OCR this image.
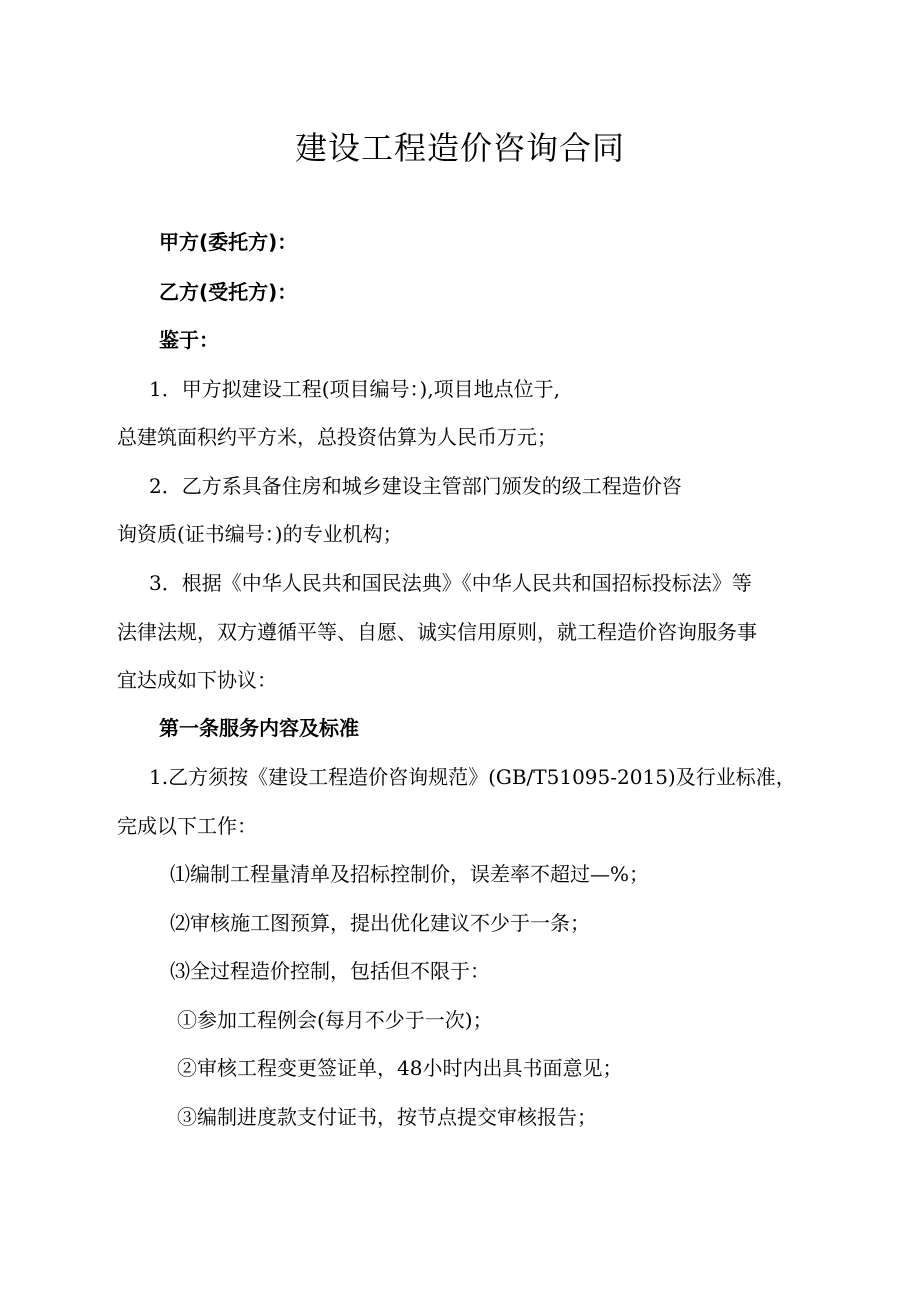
建设工程造价咨询合同

甲方(委托方)：

乙方(受托方)：

鉴于：

1．甲方拟建设工程(项目编号：),项目地点位于,

总建筑面积约平方米，总投资估算为人民币万元；

2．乙方系具备住房和城乡建设主管部门颁发的级工程造价咨

询资质(证书编号：)的专业机构；

3．根据《中华人民共和国民法典》《中华人民共和国招标投标法》等

法律法规，双方遵循平等、自愿、诚实信用原则，就工程造价咨询服务事

宜达成如下协议：

第一条服务内容及标准

1.乙方须按《建设工程造价咨询规范》(GB/T51095-2015)及行业标准，

完成以下工作：

⑴编制工程量清单及招标控制价，误差率不超过—%；

⑵审核施工图预算，提出优化建议不少于一条；

⑶全过程造价控制，包括但不限于：

①参加工程例会(每月不少于一次)；

②审核工程变更签证单，48小时内出具书面意见；

③编制进度款支付证书，按节点提交审核报告；
